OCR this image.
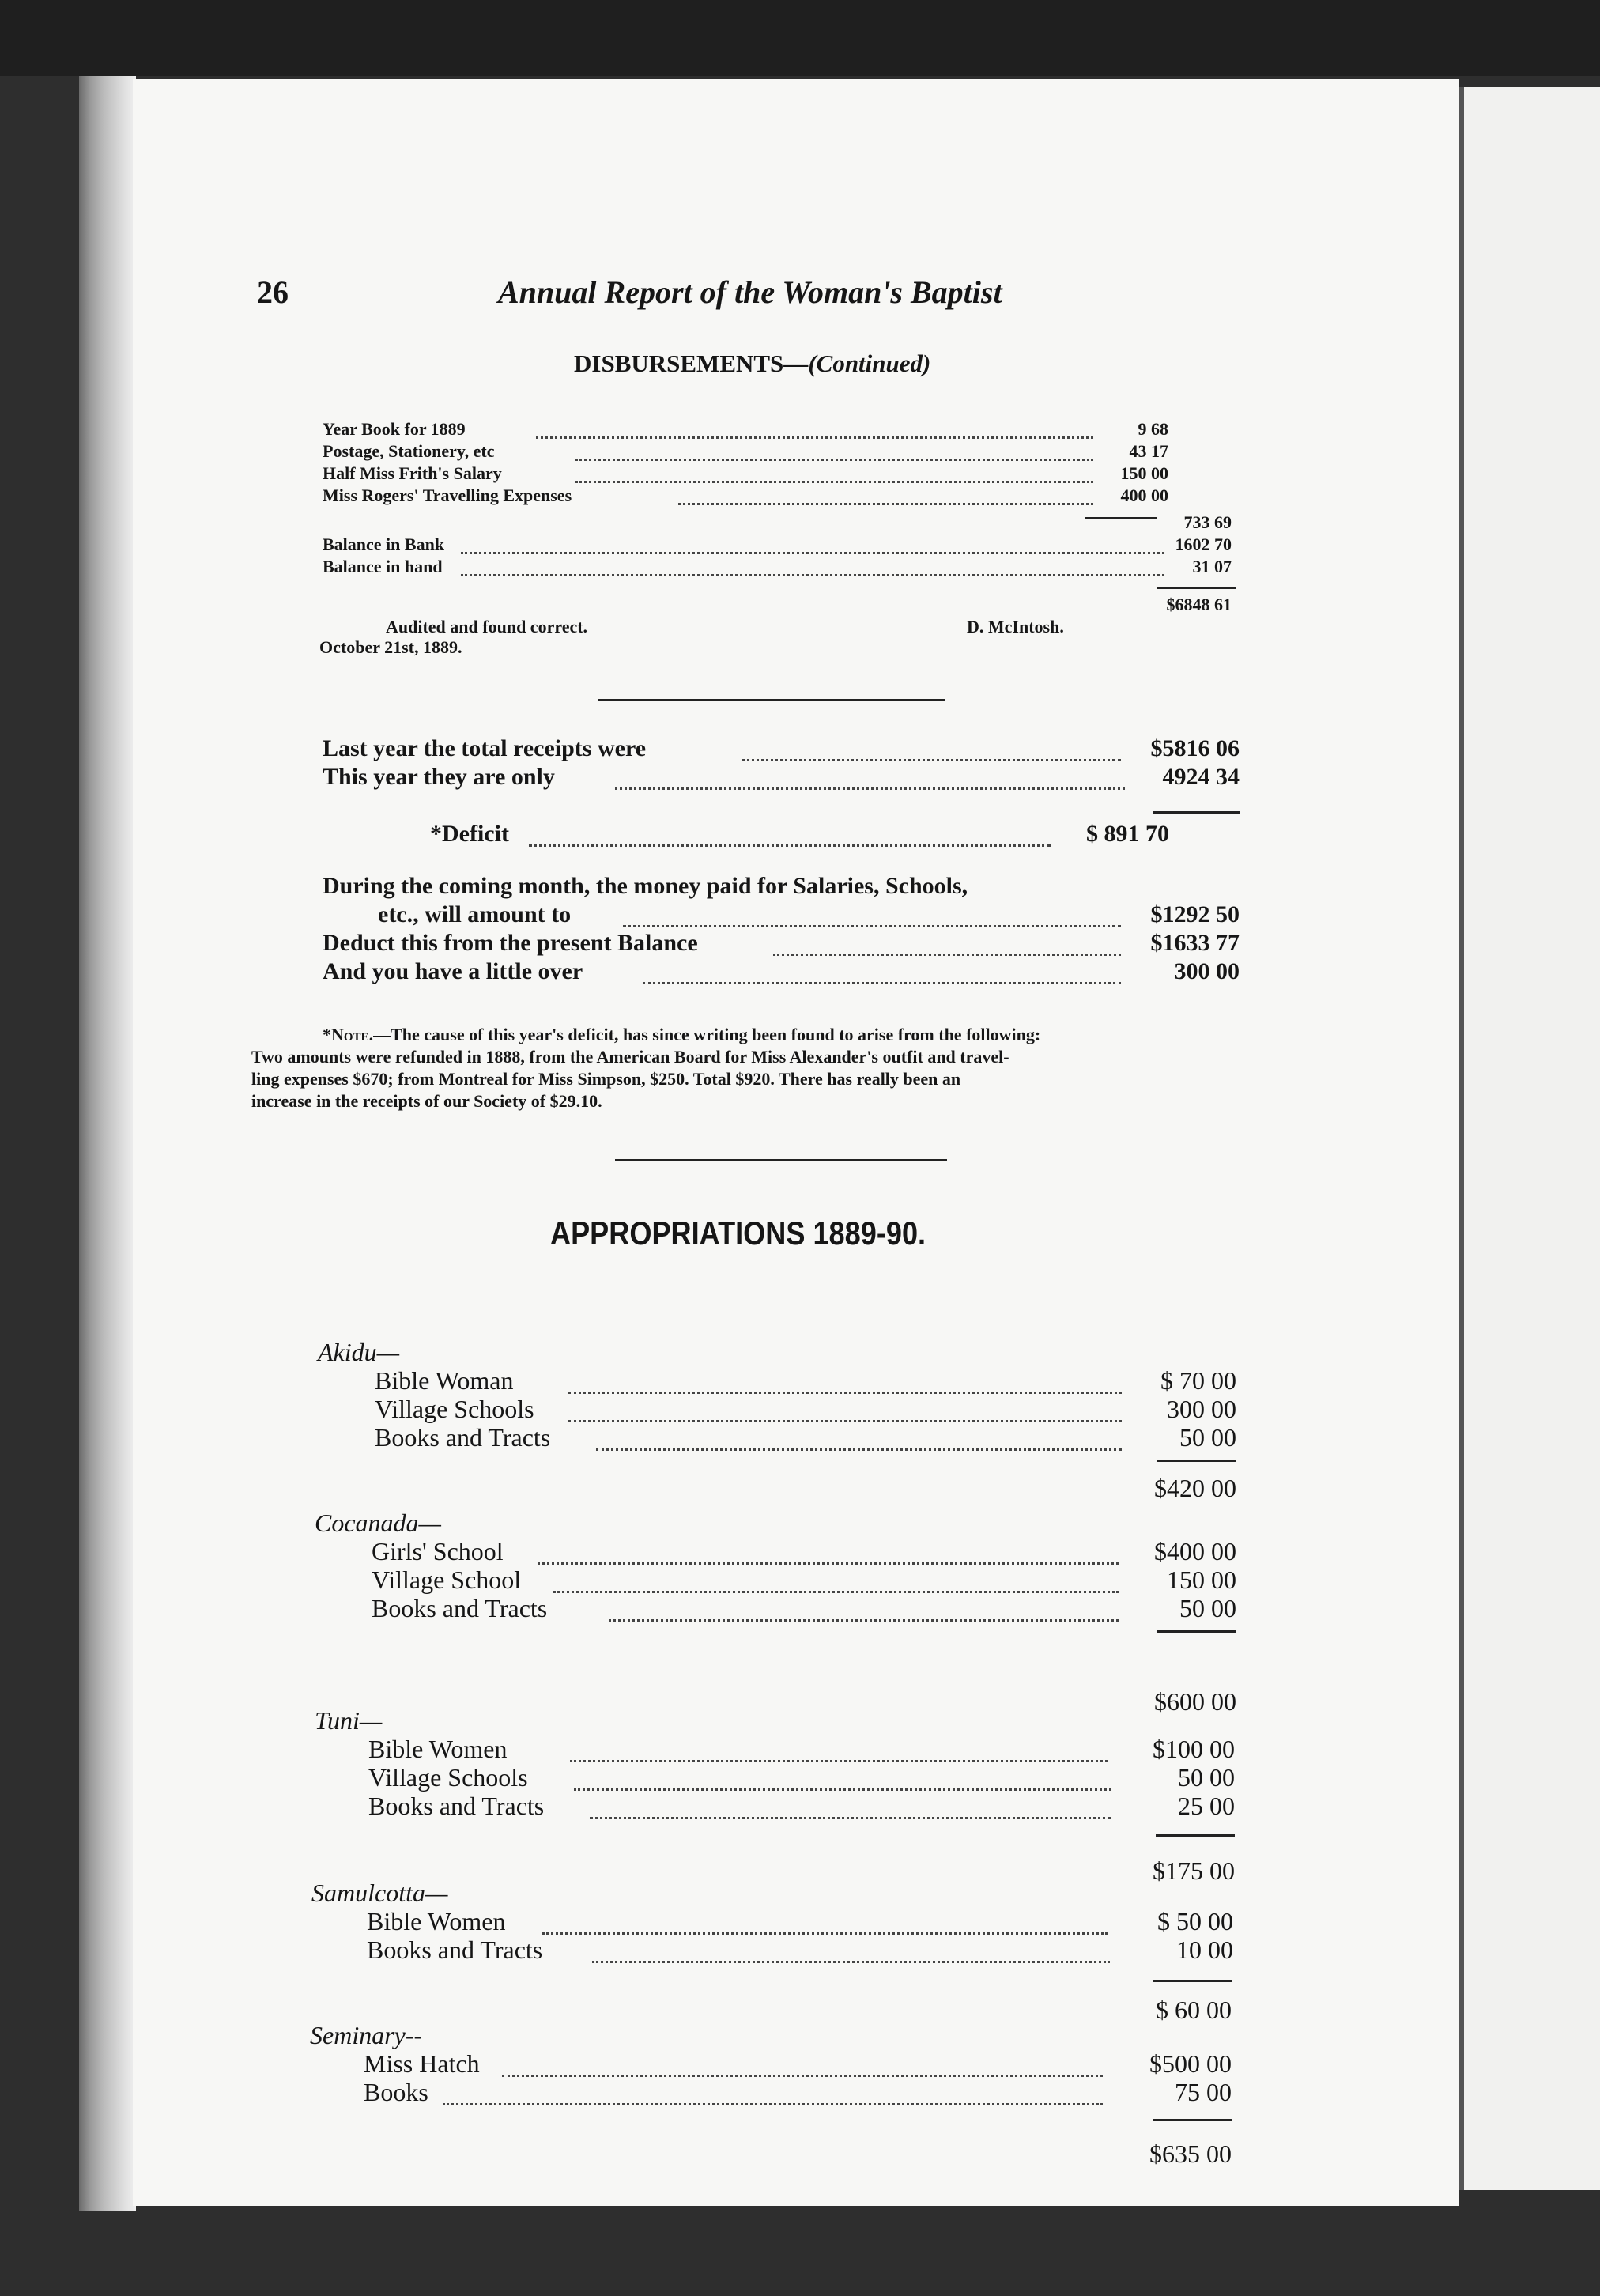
26	Annual Report of the Woman's Baptist
DISBURSEMENTS—(Continued)
Year Book for 1889	9 68
Postage, Stationery, etc	43 17
Half Miss Frith's Salary	150 00
Miss Rogers' Travelling Expenses	400 00
733 69
Balance in Bank	1602 70
Balance in hand	31 07
$6848 61
Audited and found correct.
October 21st, 1889.
D. McIntosh.
Last year the total receipts were	$5816 06
This year they are only	4924 34
*Deficit	$ 891 70
During the coming month, the money paid for Salaries, Schools,
etc., will amount to	$1292 50
Deduct this from the present Balance	$1633 77
And you have a little over	300 00
*Note.—The cause of this year's deficit, has since writing been found to arise from the following:
Two amounts were refunded in 1888, from the American Board for Miss Alexander's outfit and travel-
ling expenses $670; from Montreal for Miss Simpson, $250. Total $920. There has really been an
increase in the receipts of our Society of $29.10.
APPROPRIATIONS 1889-90.
Akidu—
Bible Woman	$ 70 00
Village Schools	300 00
Books and Tracts	50 00
$420 00
Cocanada—
Girls' School	$400 00
Village School	150 00
Books and Tracts	50 00
$600 00
Tuni—
Bible Women	$100 00
Village Schools	50 00
Books and Tracts	25 00
$175 00
Samulcotta—
Bible Women	$ 50 00
Books and Tracts	10 00
$ 60 00
Seminary--
Miss Hatch	$500 00
Books	75 00
$635 00
